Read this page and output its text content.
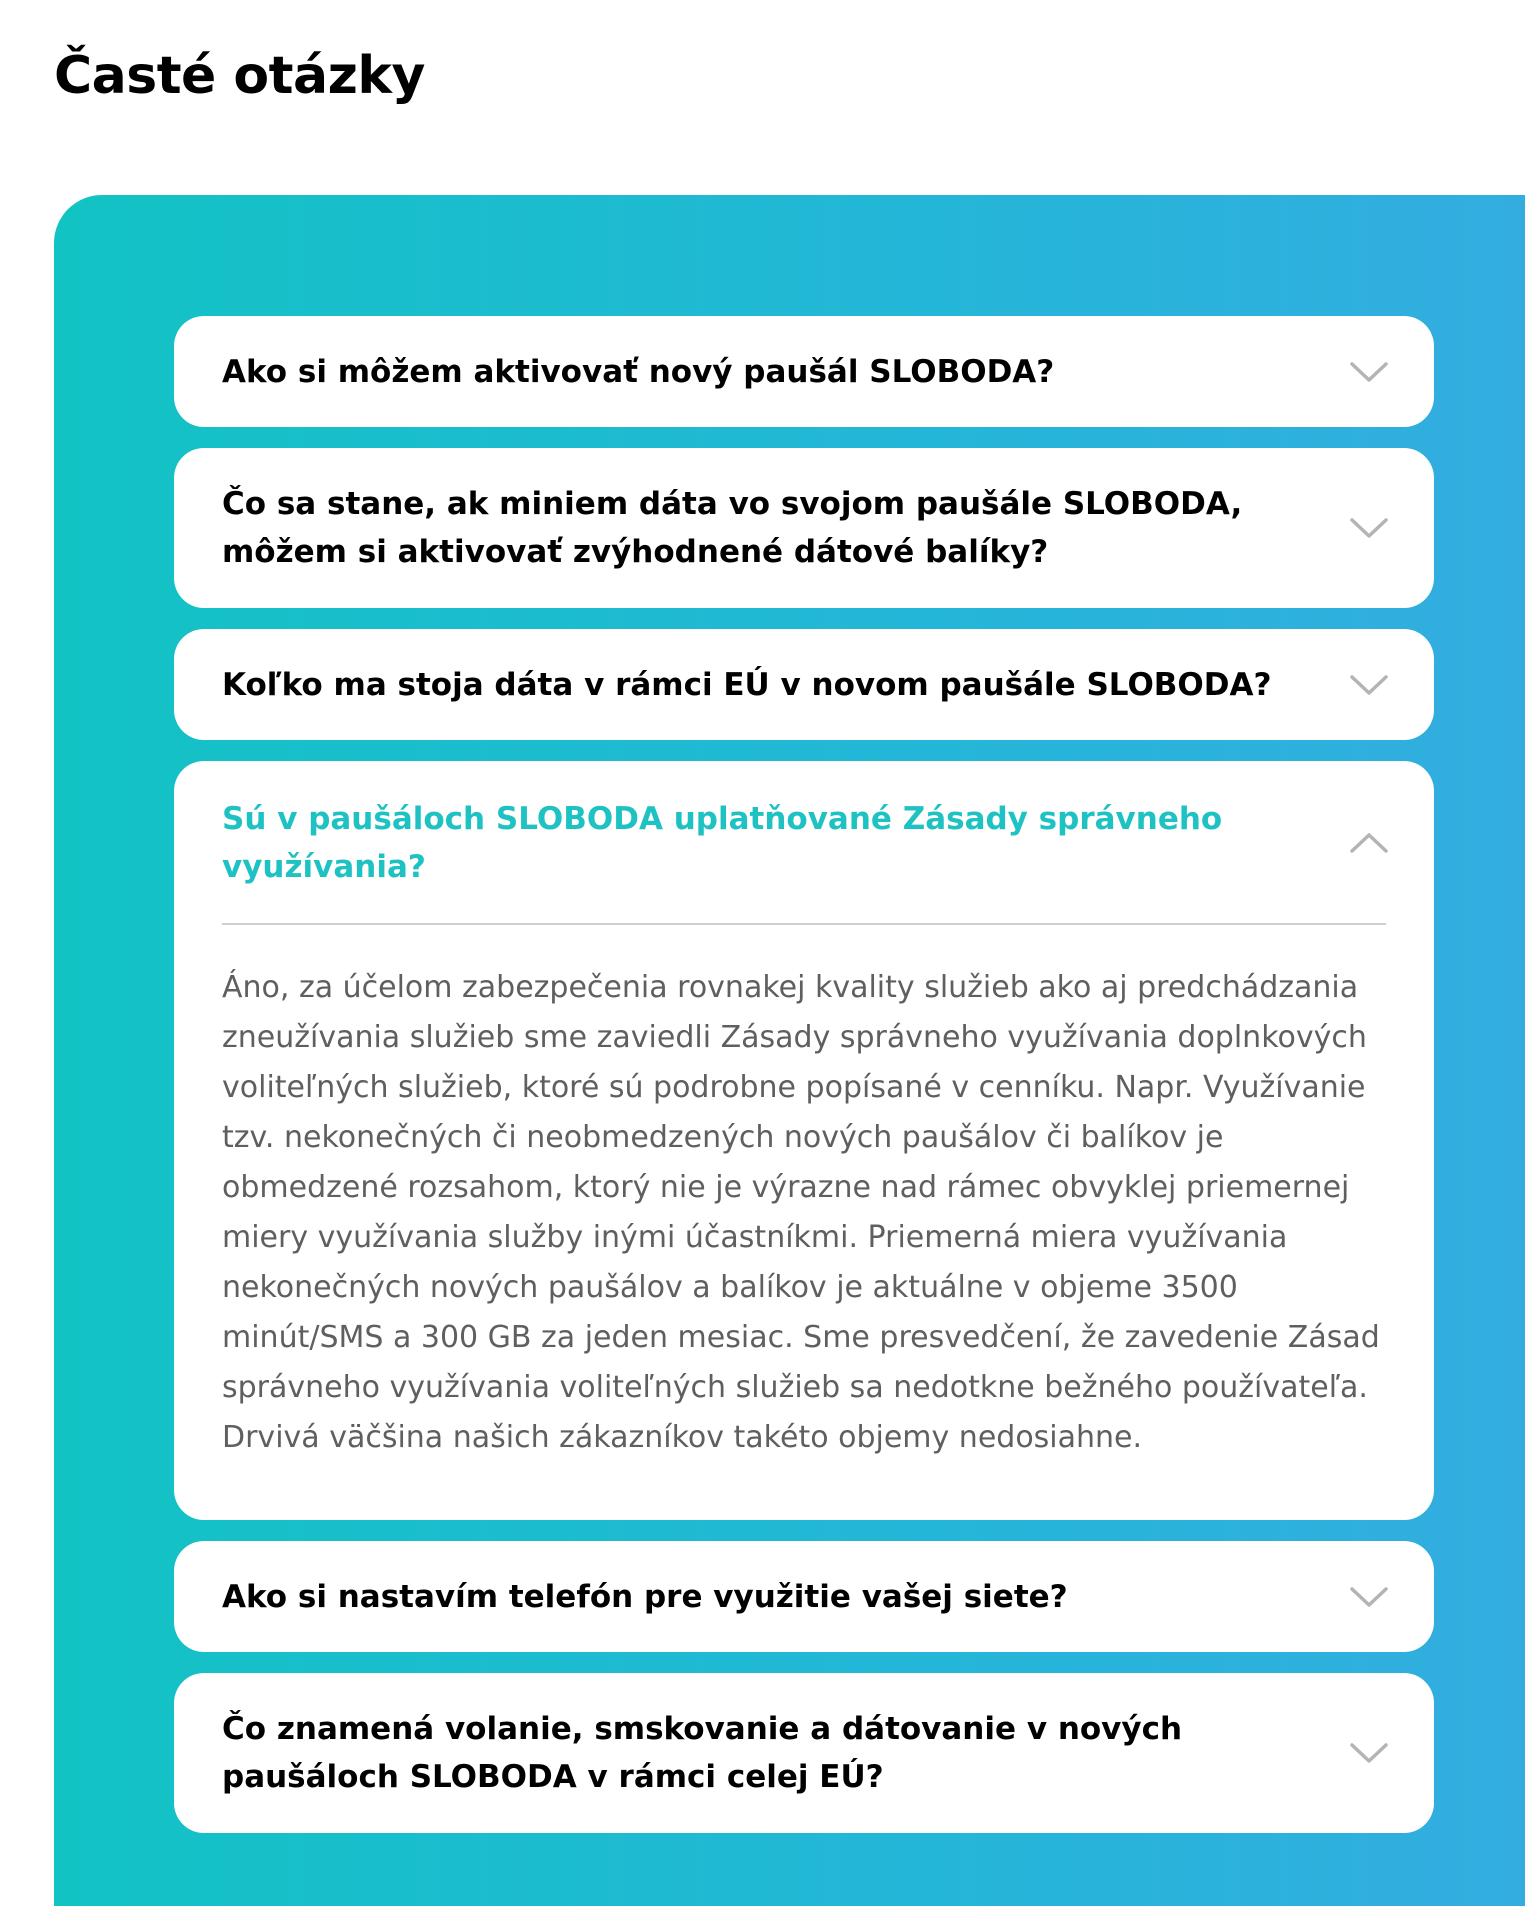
Časté otázky
Ako si môžem aktivovať nový paušál SLOBODA?
Čo sa stane, ak miniem dáta vo svojom paušále SLOBODA, môžem si aktivovať zvýhodnené dátové balíky?
Koľko ma stoja dáta v rámci EÚ v novom paušále SLOBODA?
Sú v paušáloch SLOBODA uplatňované Zásady správneho využívania?
Áno, za účelom zabezpečenia rovnakej kvality služieb ako aj predchádzania zneužívania služieb sme zaviedli Zásady správneho využívania doplnkových voliteľných služieb, ktoré sú podrobne popísané v cenníku. Napr. Využívanie tzv. nekonečných či neobmedzených nových paušálov či balíkov je obmedzené rozsahom, ktorý nie je výrazne nad rámec obvyklej priemernej miery využívania služby inými účastníkmi. Priemerná miera využívania nekonečných nových paušálov a balíkov je aktuálne v objeme 3500 minút/SMS a 300 GB za jeden mesiac. Sme presvedčení, že zavedenie Zásad správneho využívania voliteľných služieb sa nedotkne bežného používateľa. Drvivá väčšina našich zákazníkov takéto objemy nedosiahne.
Ako si nastavím telefón pre využitie vašej siete?
Čo znamená volanie, smskovanie a dátovanie v nových paušáloch SLOBODA v rámci celej EÚ?
